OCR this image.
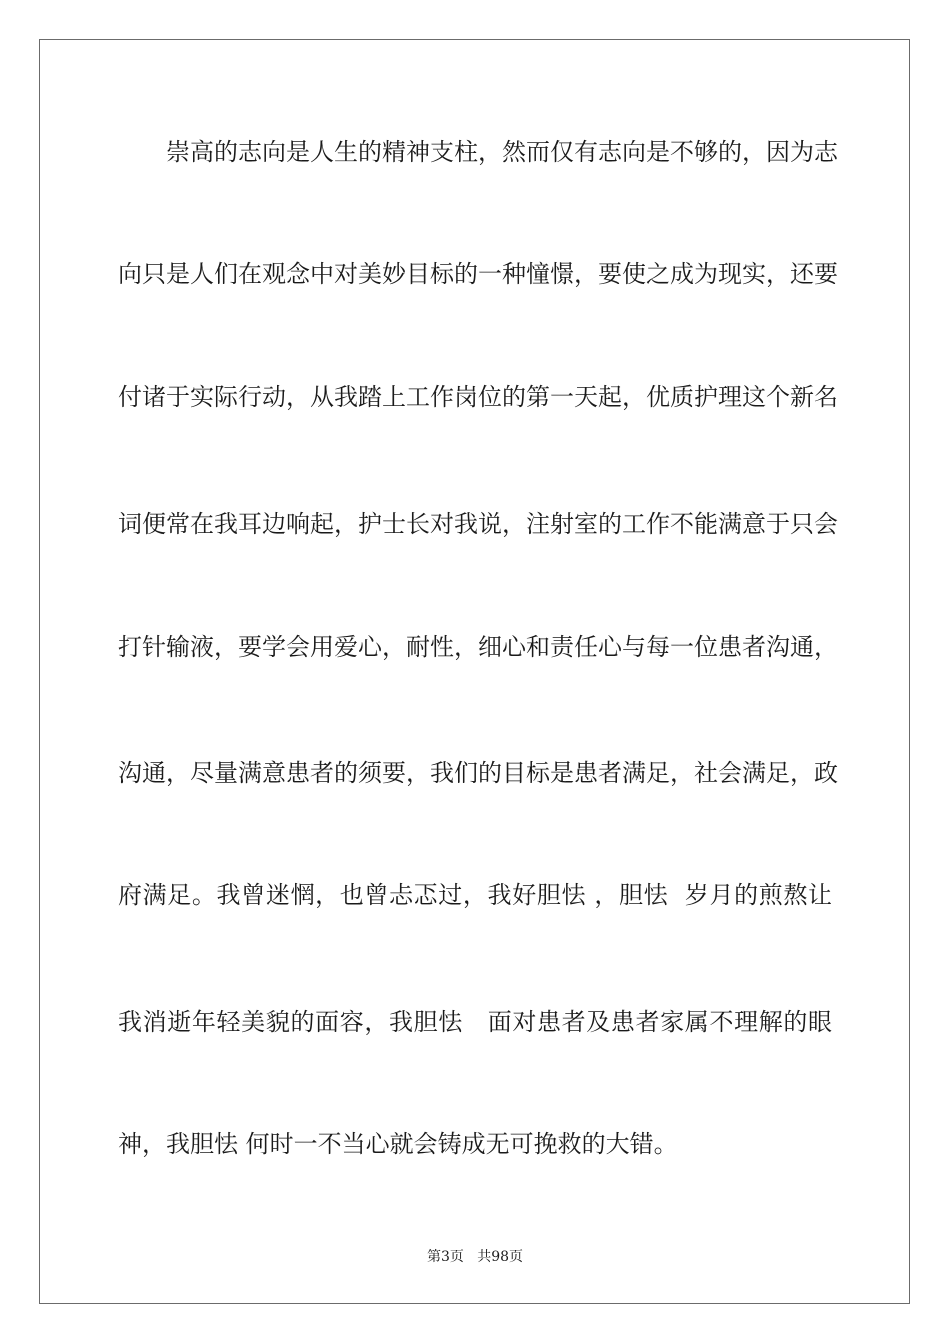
崇高的志向是人生的精神支柱，然而仅有志向是不够的，因为志
向只是人们在观念中对美妙目标的一种憧憬，要使之成为现实，还要
付诸于实际行动，从我踏上工作岗位的第一天起，优质护理这个新名
词便常在我耳边响起，护士长对我说，注射室的工作不能满意于只会
打针输液，要学会用爱心，耐性，细心和责任心与每一位患者沟通，
沟通，尽量满意患者的须要，我们的目标是患者满足，社会满足，政
府满足。我曾迷惘，也曾忐忑过，我好胆怯 ，胆怯  岁月的煎熬让
我消逝年轻美貌的面容，我胆怯   面对患者及患者家属不理解的眼
神，我胆怯 何时一不当心就会铸成无可挽救的大错。
第3页   共98页
